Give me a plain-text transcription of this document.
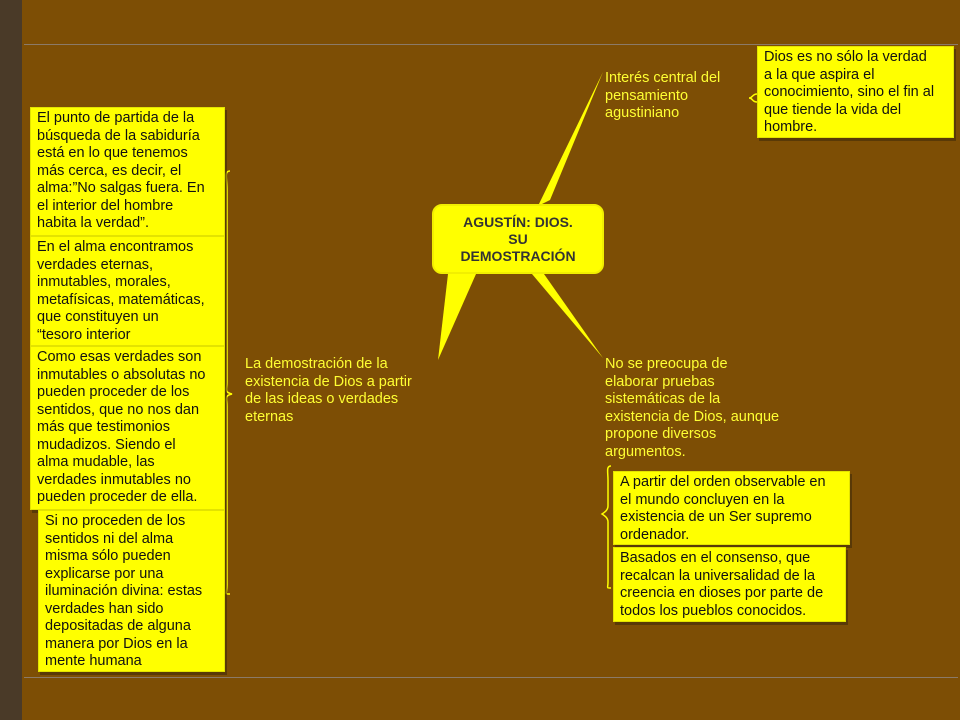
AGUSTÍN: DIOS.
SU
DEMOSTRACIÓN
Interés central del
pensamiento
agustiniano
La demostración de la
existencia de Dios a partir
de las ideas o verdades
eternas
No se preocupa de
elaborar pruebas
sistemáticas de la
existencia de Dios, aunque
propone diversos
argumentos.
Dios es no sólo la verdad
a la que aspira el
conocimiento, sino el fin al
que tiende la vida del
hombre.
El punto de partida de la
búsqueda de la sabiduría
está en lo que tenemos
más cerca, es decir, el
alma:”No salgas fuera. En
el interior del hombre
habita la verdad”.
En el alma encontramos
verdades eternas,
inmutables, morales,
metafísicas, matemáticas,
que constituyen un
“tesoro interior
Como esas verdades son
inmutables o absolutas no
pueden proceder de los
sentidos, que no nos dan
más que testimonios
mudadizos. Siendo el
alma mudable, las
verdades inmutables no
pueden proceder de ella.
Si no proceden de los
sentidos ni del alma
misma sólo pueden
explicarse por una
iluminación divina: estas
verdades han sido
depositadas de alguna
manera por Dios en la
mente humana
A partir del orden observable en
el mundo concluyen en la
existencia de un Ser supremo
ordenador.
Basados en el consenso, que
recalcan la universalidad de la
creencia en dioses por parte de
todos los pueblos conocidos.
